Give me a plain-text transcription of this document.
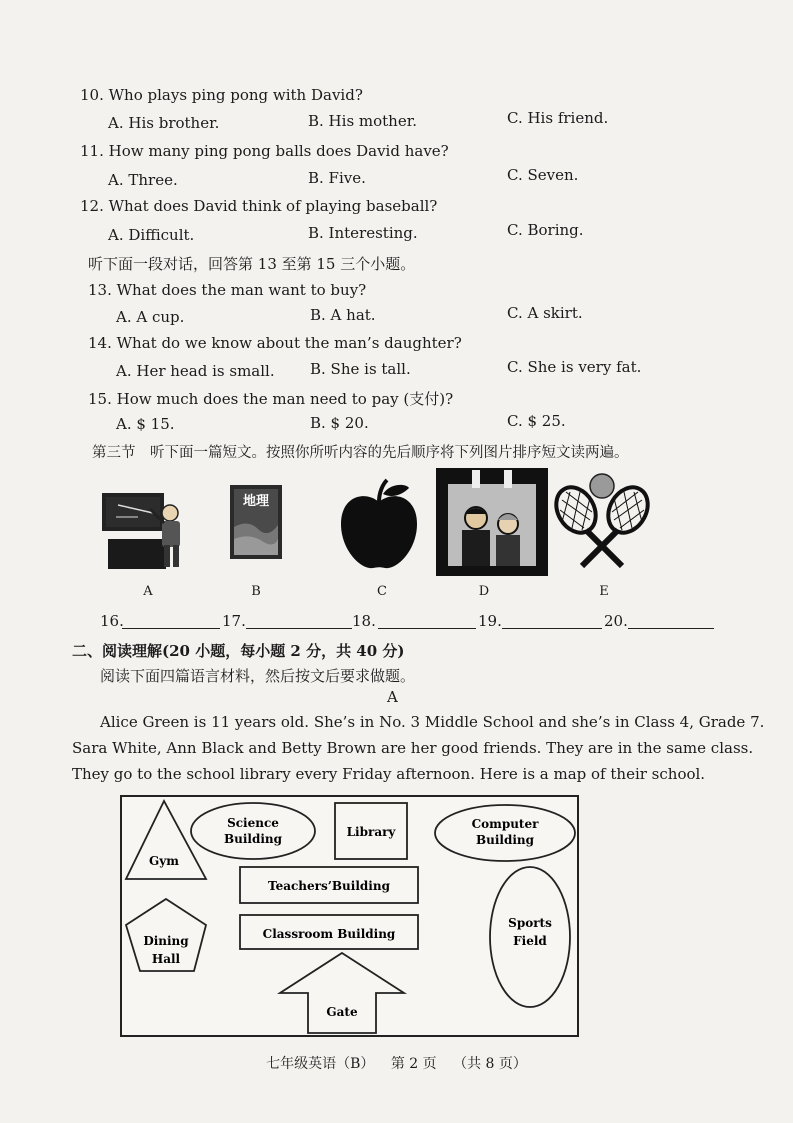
10. Who plays ping pong with David?
A. His brother.	B. His mother.	C. His friend.
11. How many ping pong balls does David have?
A. Three.	B. Five.	C. Seven.
12. What does David think of playing baseball?
A. Difficult.	B. Interesting.	C. Boring.
听下面一段对话，回答第 13 至第 15 三个小题。
13. What does the man want to buy?
A. A cup.	B. A hat.	C. A skirt.
14. What do we know about the man’s daughter?
A. Her head is small. B. She is tall.	C. She is very fat.
15. How much does the man need to pay (支付)?
A. $ 15.	B. $ 20.	C. $ 25.
第三节　听下面一篇短文。按照你所听内容的先后顺序将下列图片排序短文读两遍。
地理
A	B	C	D	E
16.	17.	18.	19.	20.
二、阅读理解(20 小题，每小题 2 分，共 40 分)
阅读下面四篇语言材料，然后按文后要求做题。
A
Alice Green is 11 years old. She’s in No. 3 Middle School and she’s in Class 4, Grade 7.
Sara White, Ann Black and Betty Brown are her good friends. They are in the same class.
They go to the school library every Friday afternoon. Here is a map of their school.
Gym
Science
Building	Library
Computer
Building
Teachers’Building
Classroom Building
Dining
Hall
Sports
Field
Gate
七年级英语（B） 第 2 页 （共 8 页）
